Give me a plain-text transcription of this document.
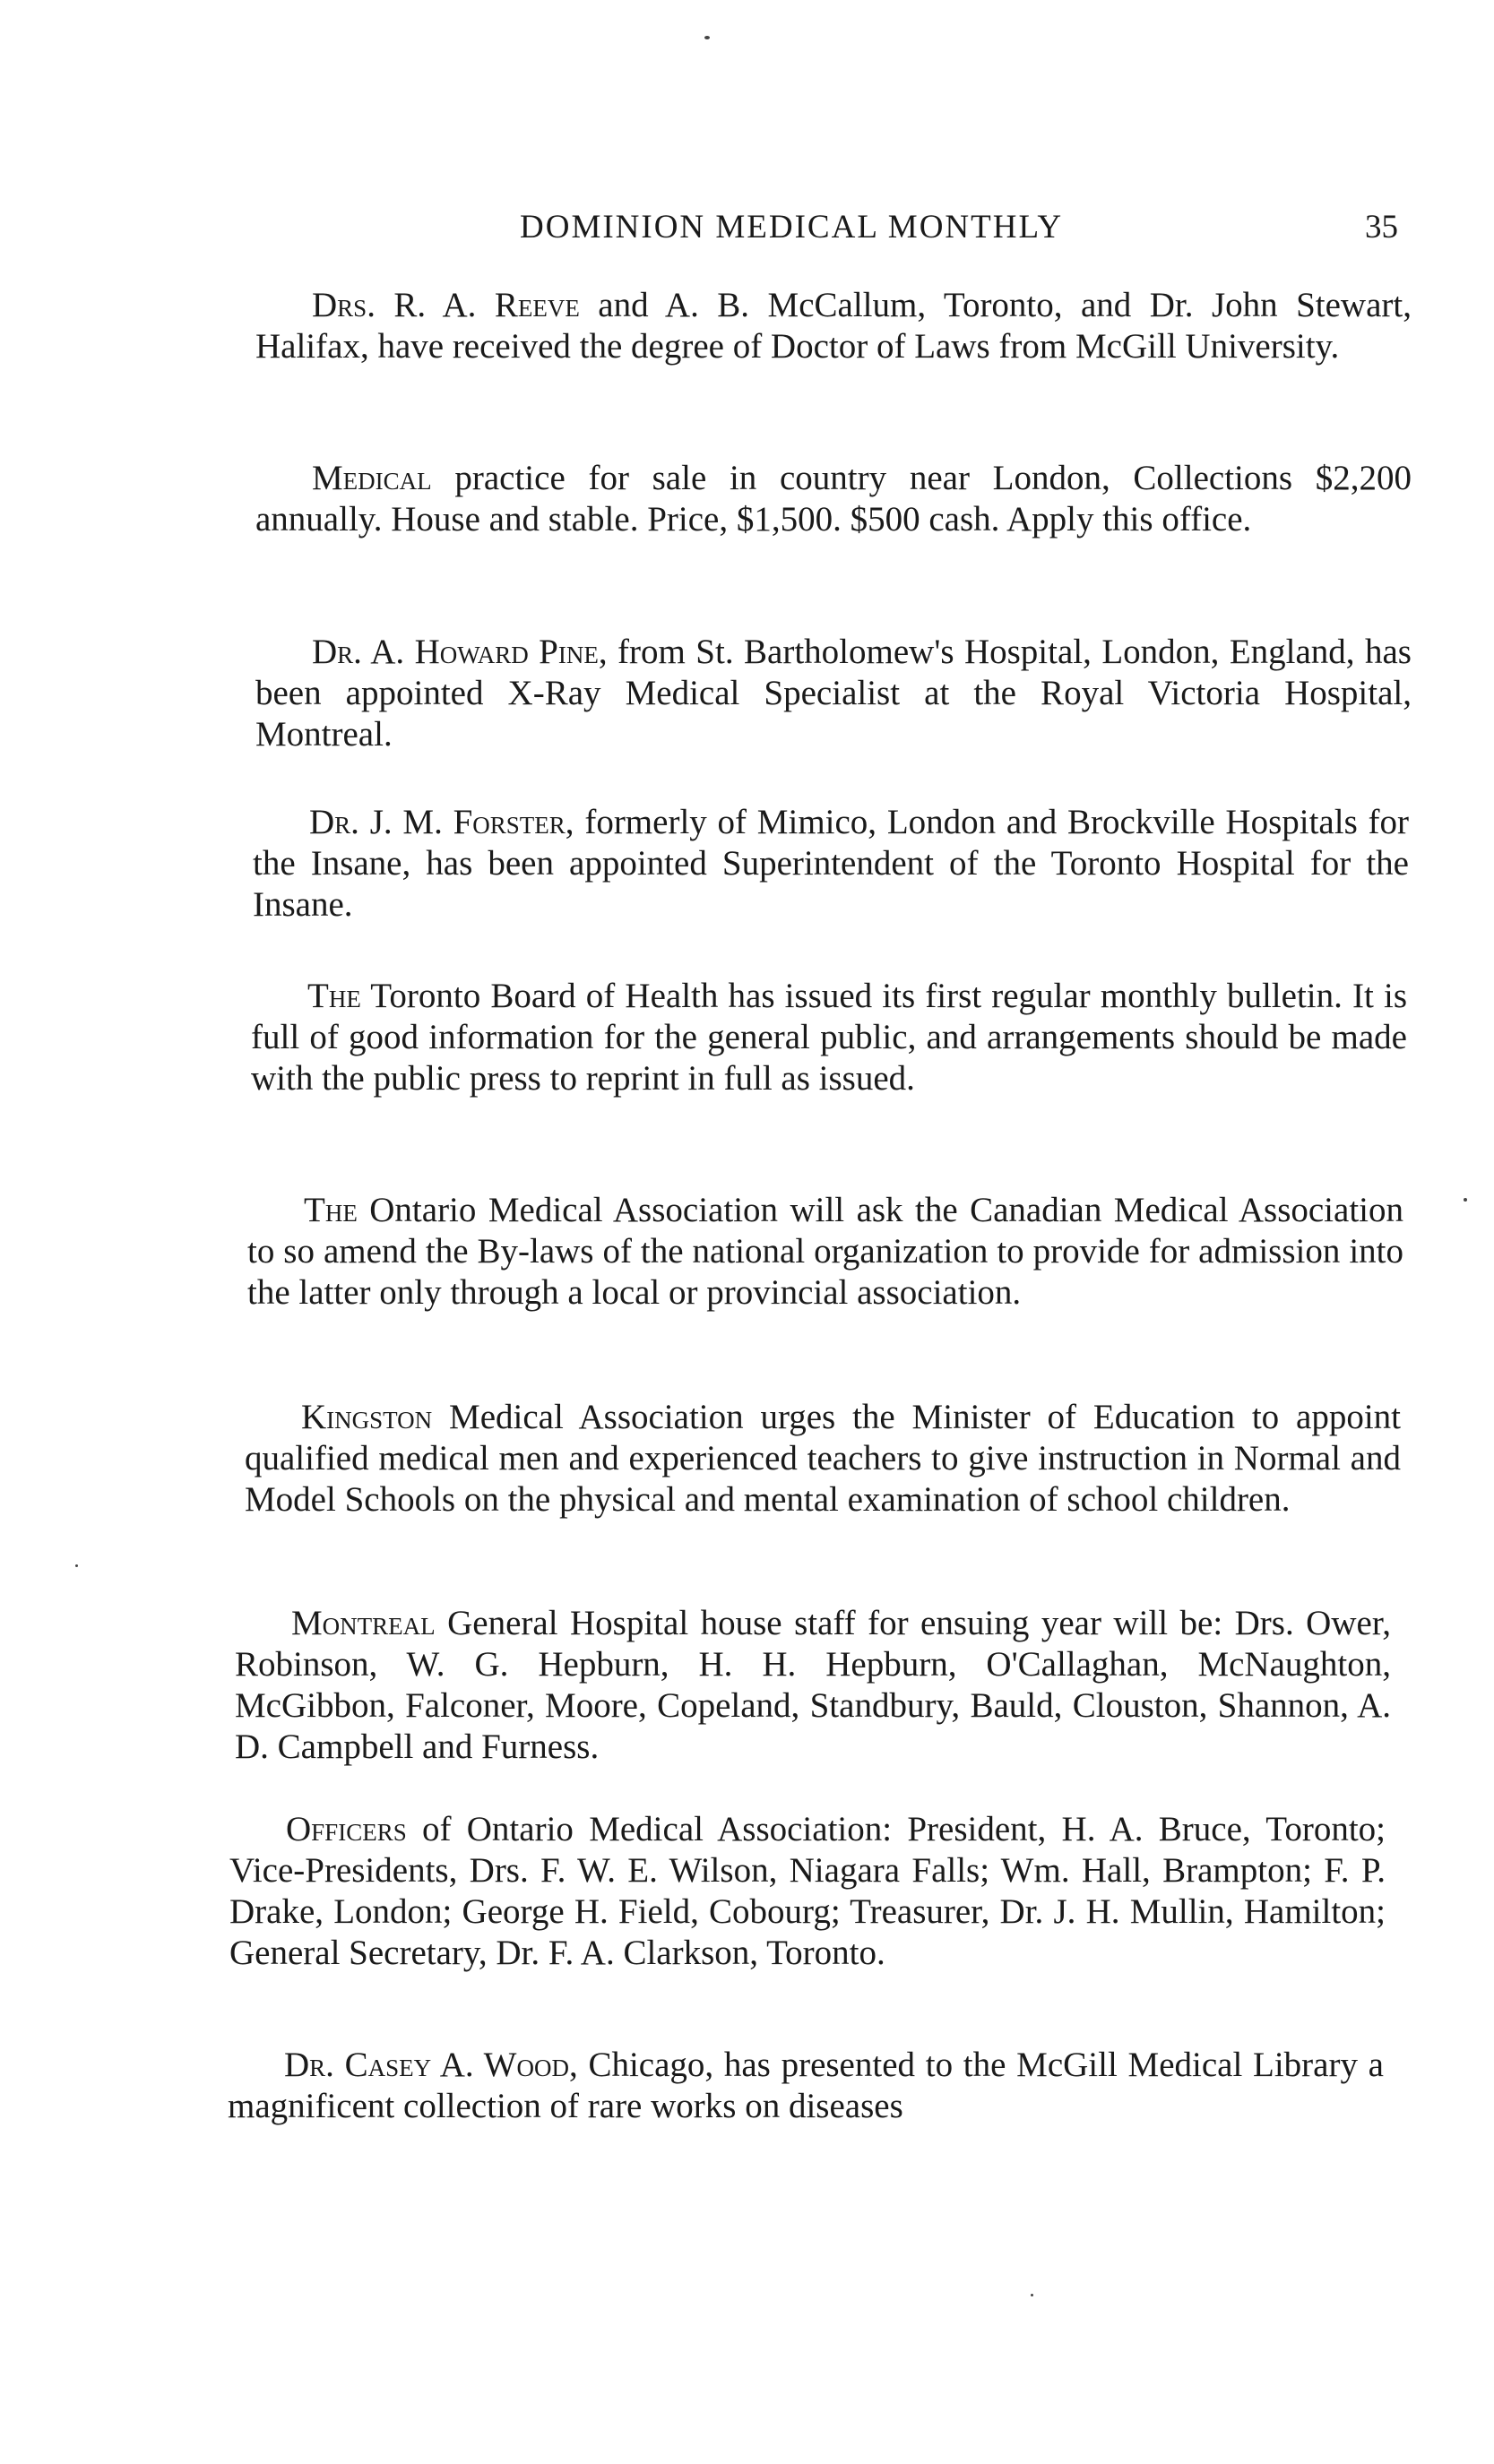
DOMINION MEDICAL MONTHLY	35

Drs. R. A. Reeve and A. B. McCallum, Toronto, and Dr. John Stewart, Halifax, have received the degree of Doctor of Laws from McGill University.

Medical practice for sale in country near London, Collections $2,200 annually. House and stable. Price, $1,500. $500 cash. Apply this office.

Dr. A. Howard Pine, from St. Bartholomew's Hospital, London, England, has been appointed X-Ray Medical Specialist at the Royal Victoria Hospital, Montreal.

Dr. J. M. Forster, formerly of Mimico, London and Brockville Hospitals for the Insane, has been appointed Superintendent of the Toronto Hospital for the Insane.

The Toronto Board of Health has issued its first regular monthly bulletin. It is full of good information for the general public, and arrangements should be made with the public press to reprint in full as issued.

The Ontario Medical Association will ask the Canadian Medical Association to so amend the By-laws of the national organization to provide for admission into the latter only through a local or provincial association.

Kingston Medical Association urges the Minister of Education to appoint qualified medical men and experienced teachers to give instruction in Normal and Model Schools on the physical and mental examination of school children.

Montreal General Hospital house staff for ensuing year will be: Drs. Ower, Robinson, W. G. Hepburn, H. H. Hepburn, O'Callaghan, McNaughton, McGibbon, Falconer, Moore, Copeland, Standbury, Bauld, Clouston, Shannon, A. D. Campbell and Furness.

Officers of Ontario Medical Association: President, H. A. Bruce, Toronto; Vice-Presidents, Drs. F. W. E. Wilson, Niagara Falls; Wm. Hall, Brampton; F. P. Drake, London; George H. Field, Cobourg; Treasurer, Dr. J. H. Mullin, Hamilton; General Secretary, Dr. F. A. Clarkson, Toronto.

Dr. Casey A. Wood, Chicago, has presented to the McGill Medical Library a magnificent collection of rare works on diseases
